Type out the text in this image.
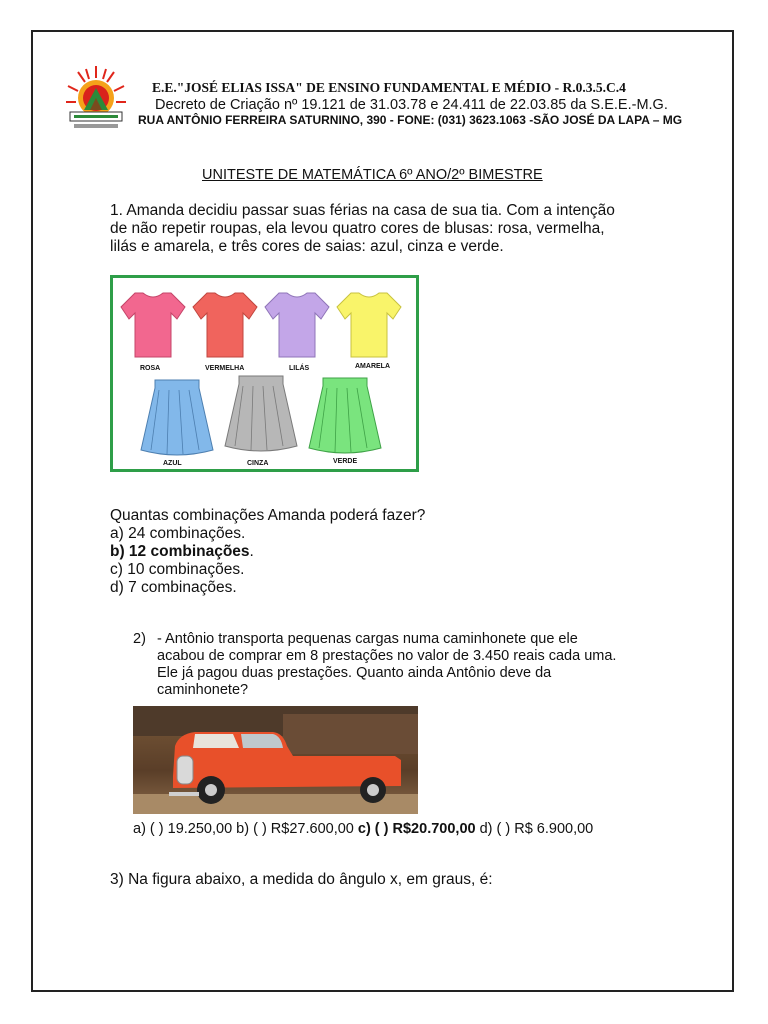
E.E."JOSÉ ELIAS ISSA" DE ENSINO FUNDAMENTAL E MÉDIO - R.0.3.5.C.4
Decreto de Criação nº 19.121 de 31.03.78 e 24.411 de 22.03.85 da S.E.E.-M.G.
RUA ANTÔNIO FERREIRA SATURNINO, 390 - FONE: (031) 3623.1063 -SÃO JOSÉ DA LAPA – MG
UNITESTE DE MATEMÁTICA 6º ANO/2º BIMESTRE
1. Amanda decidiu passar suas férias na casa de sua tia. Com a intenção
de não repetir roupas, ela levou quatro cores de blusas: rosa, vermelha,
lilás e amarela, e três cores de saias: azul, cinza e verde.
ROSA	VERMELHA	LILÁS	AMARELA
AZUL	CINZA	VERDE
Quantas combinações Amanda poderá fazer?
a) 24 combinações.
b) 12 combinações.
c) 10 combinações.
d) 7 combinações.
2) - Antônio transporta pequenas cargas numa caminhonete que ele
acabou de comprar em 8 prestações no valor de 3.450 reais cada uma.
Ele já pagou duas prestações. Quanto ainda Antônio deve da
caminhonete?
a) ( ) 19.250,00 b) ( ) R$27.600,00 c) ( ) R$20.700,00 d) ( ) R$ 6.900,00
3) Na figura abaixo, a medida do ângulo x, em graus, é:
